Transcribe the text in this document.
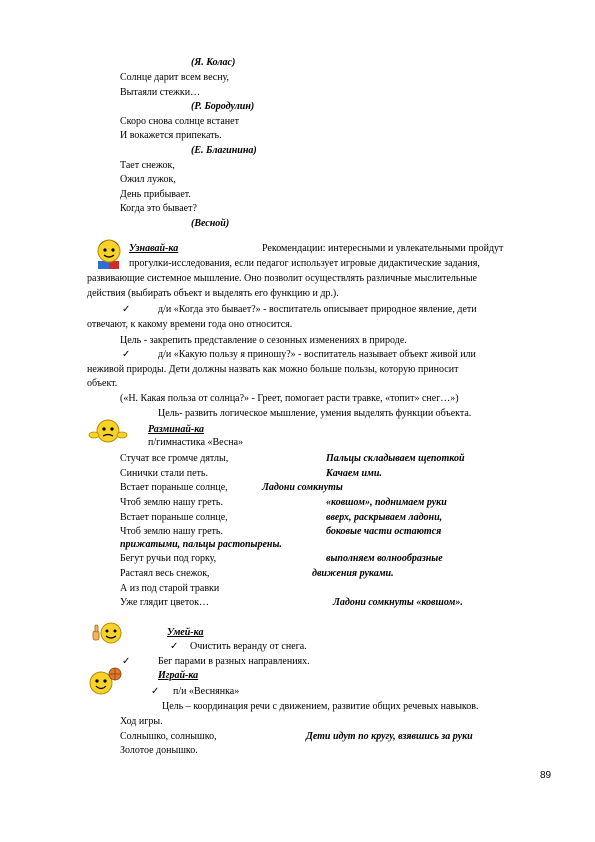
(Я. Колас)
Солнце дарит всем весну,
Вытаяли стежки…
(Р. Бородулин)
Скоро снова солнце встанет
И вокажется припекать.
(Е. Благинина)
Тает снежок,
Ожил лужок,
День прибывает.
Когда это бывает?
(Весной)
Узнавай-ка	Рекомендации: интересными и увлекательными пройдут
прогулки-исследования, если педагог использует игровые дидактические задания,
развивающие системное мышление. Оно позволит осуществлять различные мыслительные
действия (выбирать объект и выделять его функцию и др.).
✓	д/и «Когда это бывает?» - воспитатель описывает природное явление, дети
отвечают, к какому времени года оно относится.
Цель - закрепить представление о сезонных изменениях в природе.
✓	д/и «Какую пользу я приношу?» - воспитатель называет объект живой или
неживой природы. Дети должны назвать как можно больше пользы, которую приносит
объект.
(«Н. Какая польза от солнца?» - Греет, помогает расти травке, «топит» снег…»)
Цель- развить логическое мышление, умения выделять функции объекта.
Разминай-ка
п/гимнастика «Весна»
Стучат все громче дятлы,	Пальцы складываем щепоткой
Синички стали петь.	Качаем ими.
Встает пораньше солнце,	Ладони сомкнуты
Чтоб землю нашу греть.	«ковшом», поднимаем руки
Встает пораньше солнце,	вверх, раскрываем ладони,
Чтоб землю нашу греть.	боковые части остаются
прижатыми, пальцы растопырены.
Бегут ручьи под горку,	выполняем волнообразные
Растаял весь снежок,	движения руками.
А из под старой травки
Уже глядит цветок…	Ладони сомкнуты «ковшом».
Умей-ка
✓ Очистить веранду от снега.
✓	Бег парами в разных направлениях.
Играй-ка
✓ п/и «Веснянка»
Цель – координация речи с движением, развитие общих речевых навыков.
Ход игры.
Солнышко, солнышко,	Дети идут по кругу, взявшись за руки
Золотое донышко.
89
